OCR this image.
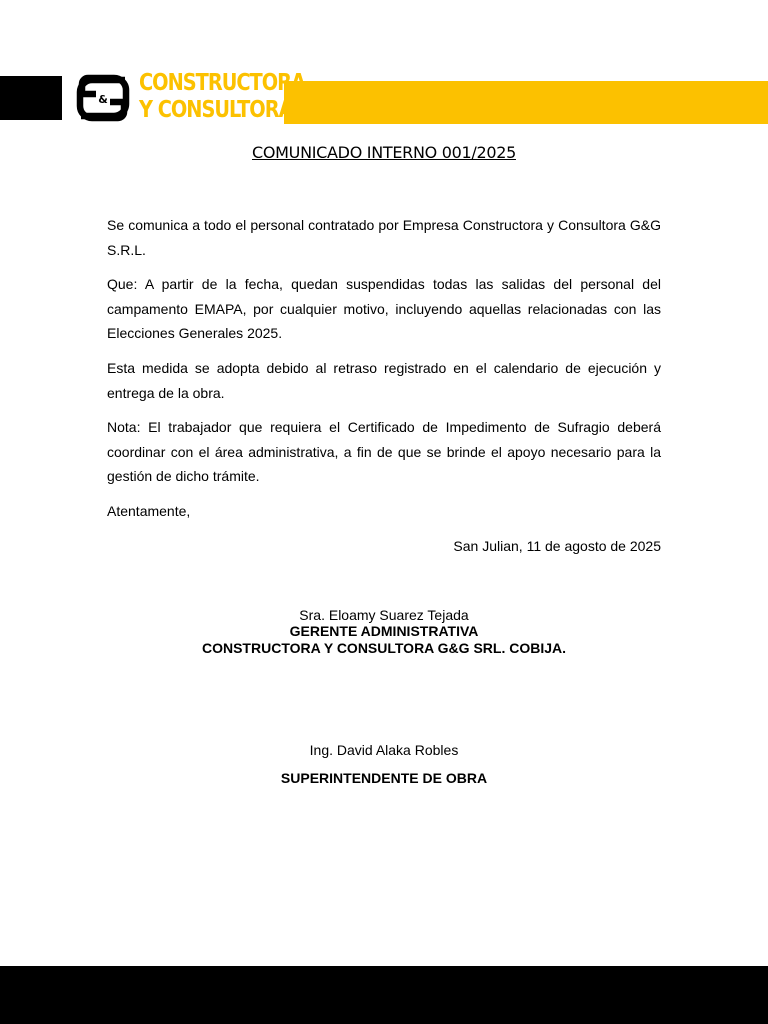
&
CONSTRUCTORA
Y CONSULTORA
COMUNICADO INTERNO 001/2025

Se comunica a todo el personal contratado por Empresa Constructora y Consultora G&G S.R.L.

Que: A partir de la fecha, quedan suspendidas todas las salidas del personal del campamento EMAPA, por cualquier motivo, incluyendo aquellas relacionadas con las Elecciones Generales 2025.

Esta medida se adopta debido al retraso registrado en el calendario de ejecución y entrega de la obra.

Nota: El trabajador que requiera el Certificado de Impedimento de Sufragio deberá coordinar con el área administrativa, a fin de que se brinde el apoyo necesario para la gestión de dicho trámite.

Atentamente,

San Julian, 11 de agosto de 2025
Sra. Eloamy Suarez Tejada
GERENTE ADMINISTRATIVA
CONSTRUCTORA Y CONSULTORA G&G SRL. COBIJA.
Ing. David Alaka Robles
SUPERINTENDENTE DE OBRA
